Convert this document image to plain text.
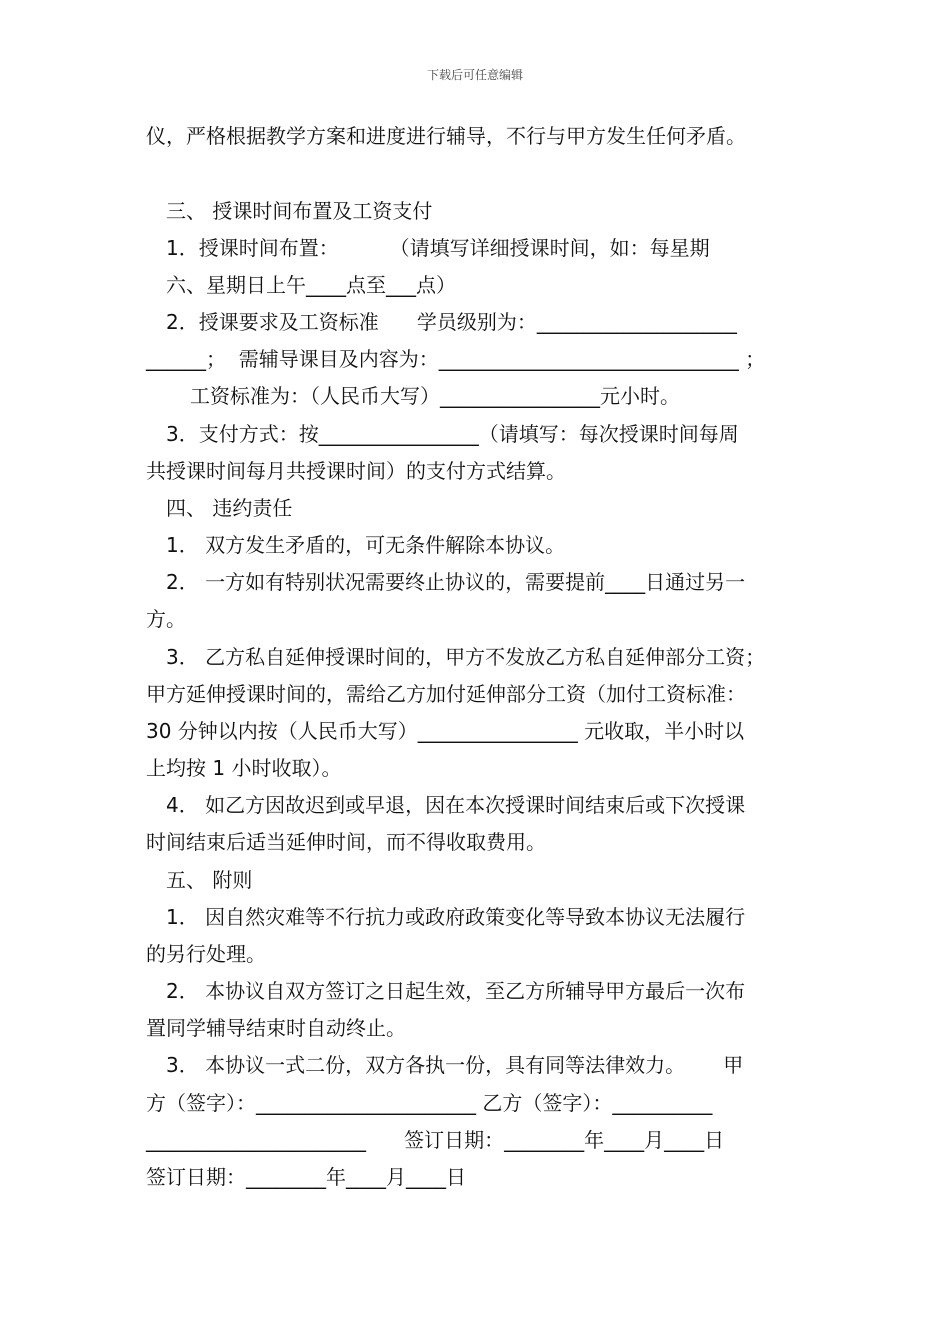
下载后可任意编辑
仪，严格根据教学方案和进度进行辅导，不行与甲方发生任何矛盾。
三、 授课时间布置及工资支付
1．授课时间布置：        （请填写详细授课时间，如：每星期
六、星期日上午____点至___点）
2．授课要求及工资标准      学员级别为：____________________
______；  需辅导课目及内容为：______________________________ ；
工资标准为：（人民币大写）________________元小时。
3．支付方式：按________________（请填写：每次授课时间每周
共授课时间每月共授课时间）的支付方式结算。
四、 违约责任
1． 双方发生矛盾的，可无条件解除本协议。
2． 一方如有特别状况需要终止协议的，需要提前____日通过另一
方。
3． 乙方私自延伸授课时间的，甲方不发放乙方私自延伸部分工资；
甲方延伸授课时间的，需给乙方加付延伸部分工资（加付工资标准：
30 分钟以内按（人民币大写）________________ 元收取，半小时以
上均按 1 小时收取）。
4． 如乙方因故迟到或早退，因在本次授课时间结束后或下次授课
时间结束后适当延伸时间，而不得收取费用。
五、 附则
1． 因自然灾难等不行抗力或政府政策变化等导致本协议无法履行
的另行处理。
2． 本协议自双方签订之日起生效，至乙方所辅导甲方最后一次布
置同学辅导结束时自动终止。
3． 本协议一式二份，双方各执一份，具有同等法律效力。      甲
方（签字）：______________________ 乙方（签字）：__________
______________________      签订日期：________年____月____日
签订日期：________年____月____日
